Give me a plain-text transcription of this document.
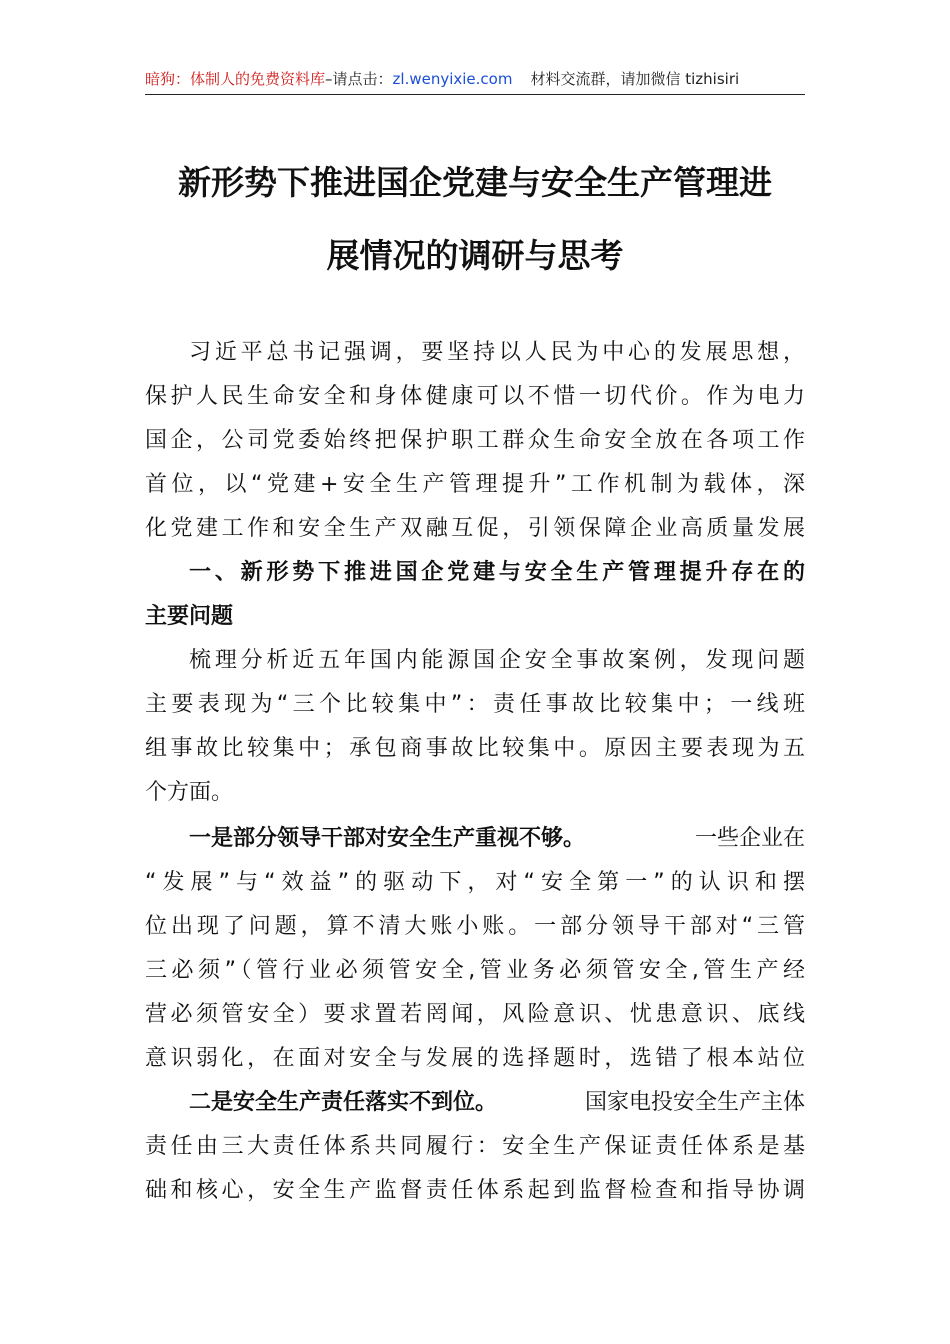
暗狗：体制人的免费资料库–请点击：zl.wenyixie.com 材料交流群，请加微信 tizhisiri
新形势下推进国企党建与安全生产管理进
展情况的调研与思考
习近平总书记强调，要坚持以人民为中心的发展思想，
保护人民生命安全和身体健康可以不惜一切代价。作为电力
国企，公司党委始终把保护职工群众生命安全放在各项工作
首位，以“党建+安全生产管理提升”工作机制为载体，深
化党建工作和安全生产双融互促，引领保障企业高质量发展
一、新形势下推进国企党建与安全生产管理提升存在的
主要问题
梳理分析近五年国内能源国企安全事故案例，发现问题
主要表现为“三个比较集中”：责任事故比较集中；一线班
组事故比较集中；承包商事故比较集中。原因主要表现为五
个方面。
一是部分领导干部对安全生产重视不够。	一些企业在
“发展”与“效益”的驱动下，对“安全第一”的认识和摆
位出现了问题，算不清大账小账。一部分领导干部对“三管
三必须”（管行业必须管安全,管业务必须管安全,管生产经
营必须管安全）要求置若罔闻，风险意识、忧患意识、底线
意识弱化，在面对安全与发展的选择题时，选错了根本站位
二是安全生产责任落实不到位。	国家电投安全生产主体
责任由三大责任体系共同履行：安全生产保证责任体系是基
础和核心，安全生产监督责任体系起到监督检查和指导协调
